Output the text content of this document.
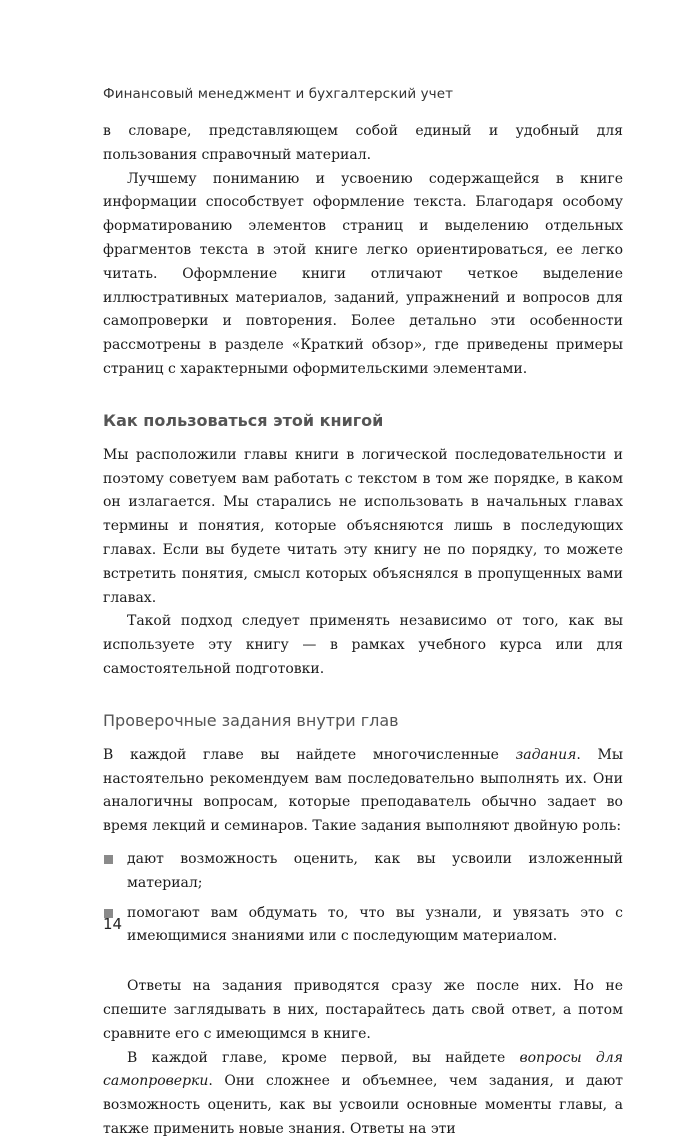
Финансовый менеджмент и бухгалтерский учет

в словаре, представляющем собой единый и удобный для пользования справочный материал.

Лучшему пониманию и усвоению содержащейся в книге информации способствует оформление текста. Благодаря особому форматированию элементов страниц и выделению отдельных фрагментов текста в этой книге легко ориентироваться, ее легко читать. Оформление книги отличают четкое выделение иллюстративных материалов, заданий, упражнений и вопросов для самопроверки и повторения. Более детально эти особенности рассмотрены в разделе «Краткий обзор», где приведены примеры страниц с характерными оформительскими элементами.

Как пользоваться этой книгой

Мы расположили главы книги в логической последовательности и поэтому советуем вам работать с текстом в том же порядке, в каком он излагается. Мы старались не использовать в начальных главах термины и понятия, которые объясняются лишь в последующих главах. Если вы будете читать эту книгу не по порядку, то можете встретить понятия, смысл которых объяснялся в пропущенных вами главах.

Такой подход следует применять независимо от того, как вы используете эту книгу — в рамках учебного курса или для самостоятельной подготовки.

Проверочные задания внутри глав

В каждой главе вы найдете многочисленные задания. Мы настоятельно рекомендуем вам последовательно выполнять их. Они аналогичны вопросам, которые преподаватель обычно задает во время лекций и семинаров. Такие задания выполняют двойную роль:

дают возможность оценить, как вы усвоили изложенный материал;
помогают вам обдумать то, что вы узнали, и увязать это с имеющимися знаниями или с последующим материалом.

Ответы на задания приводятся сразу же после них. Но не спешите заглядывать в них, постарайтесь дать свой ответ, а потом сравните его с имеющимся в книге.

В каждой главе, кроме первой, вы найдете вопросы для самопроверки. Они сложнее и объемнее, чем задания, и дают возможность оценить, как вы усвоили основные моменты главы, а также применить новые знания. Ответы на эти

14
